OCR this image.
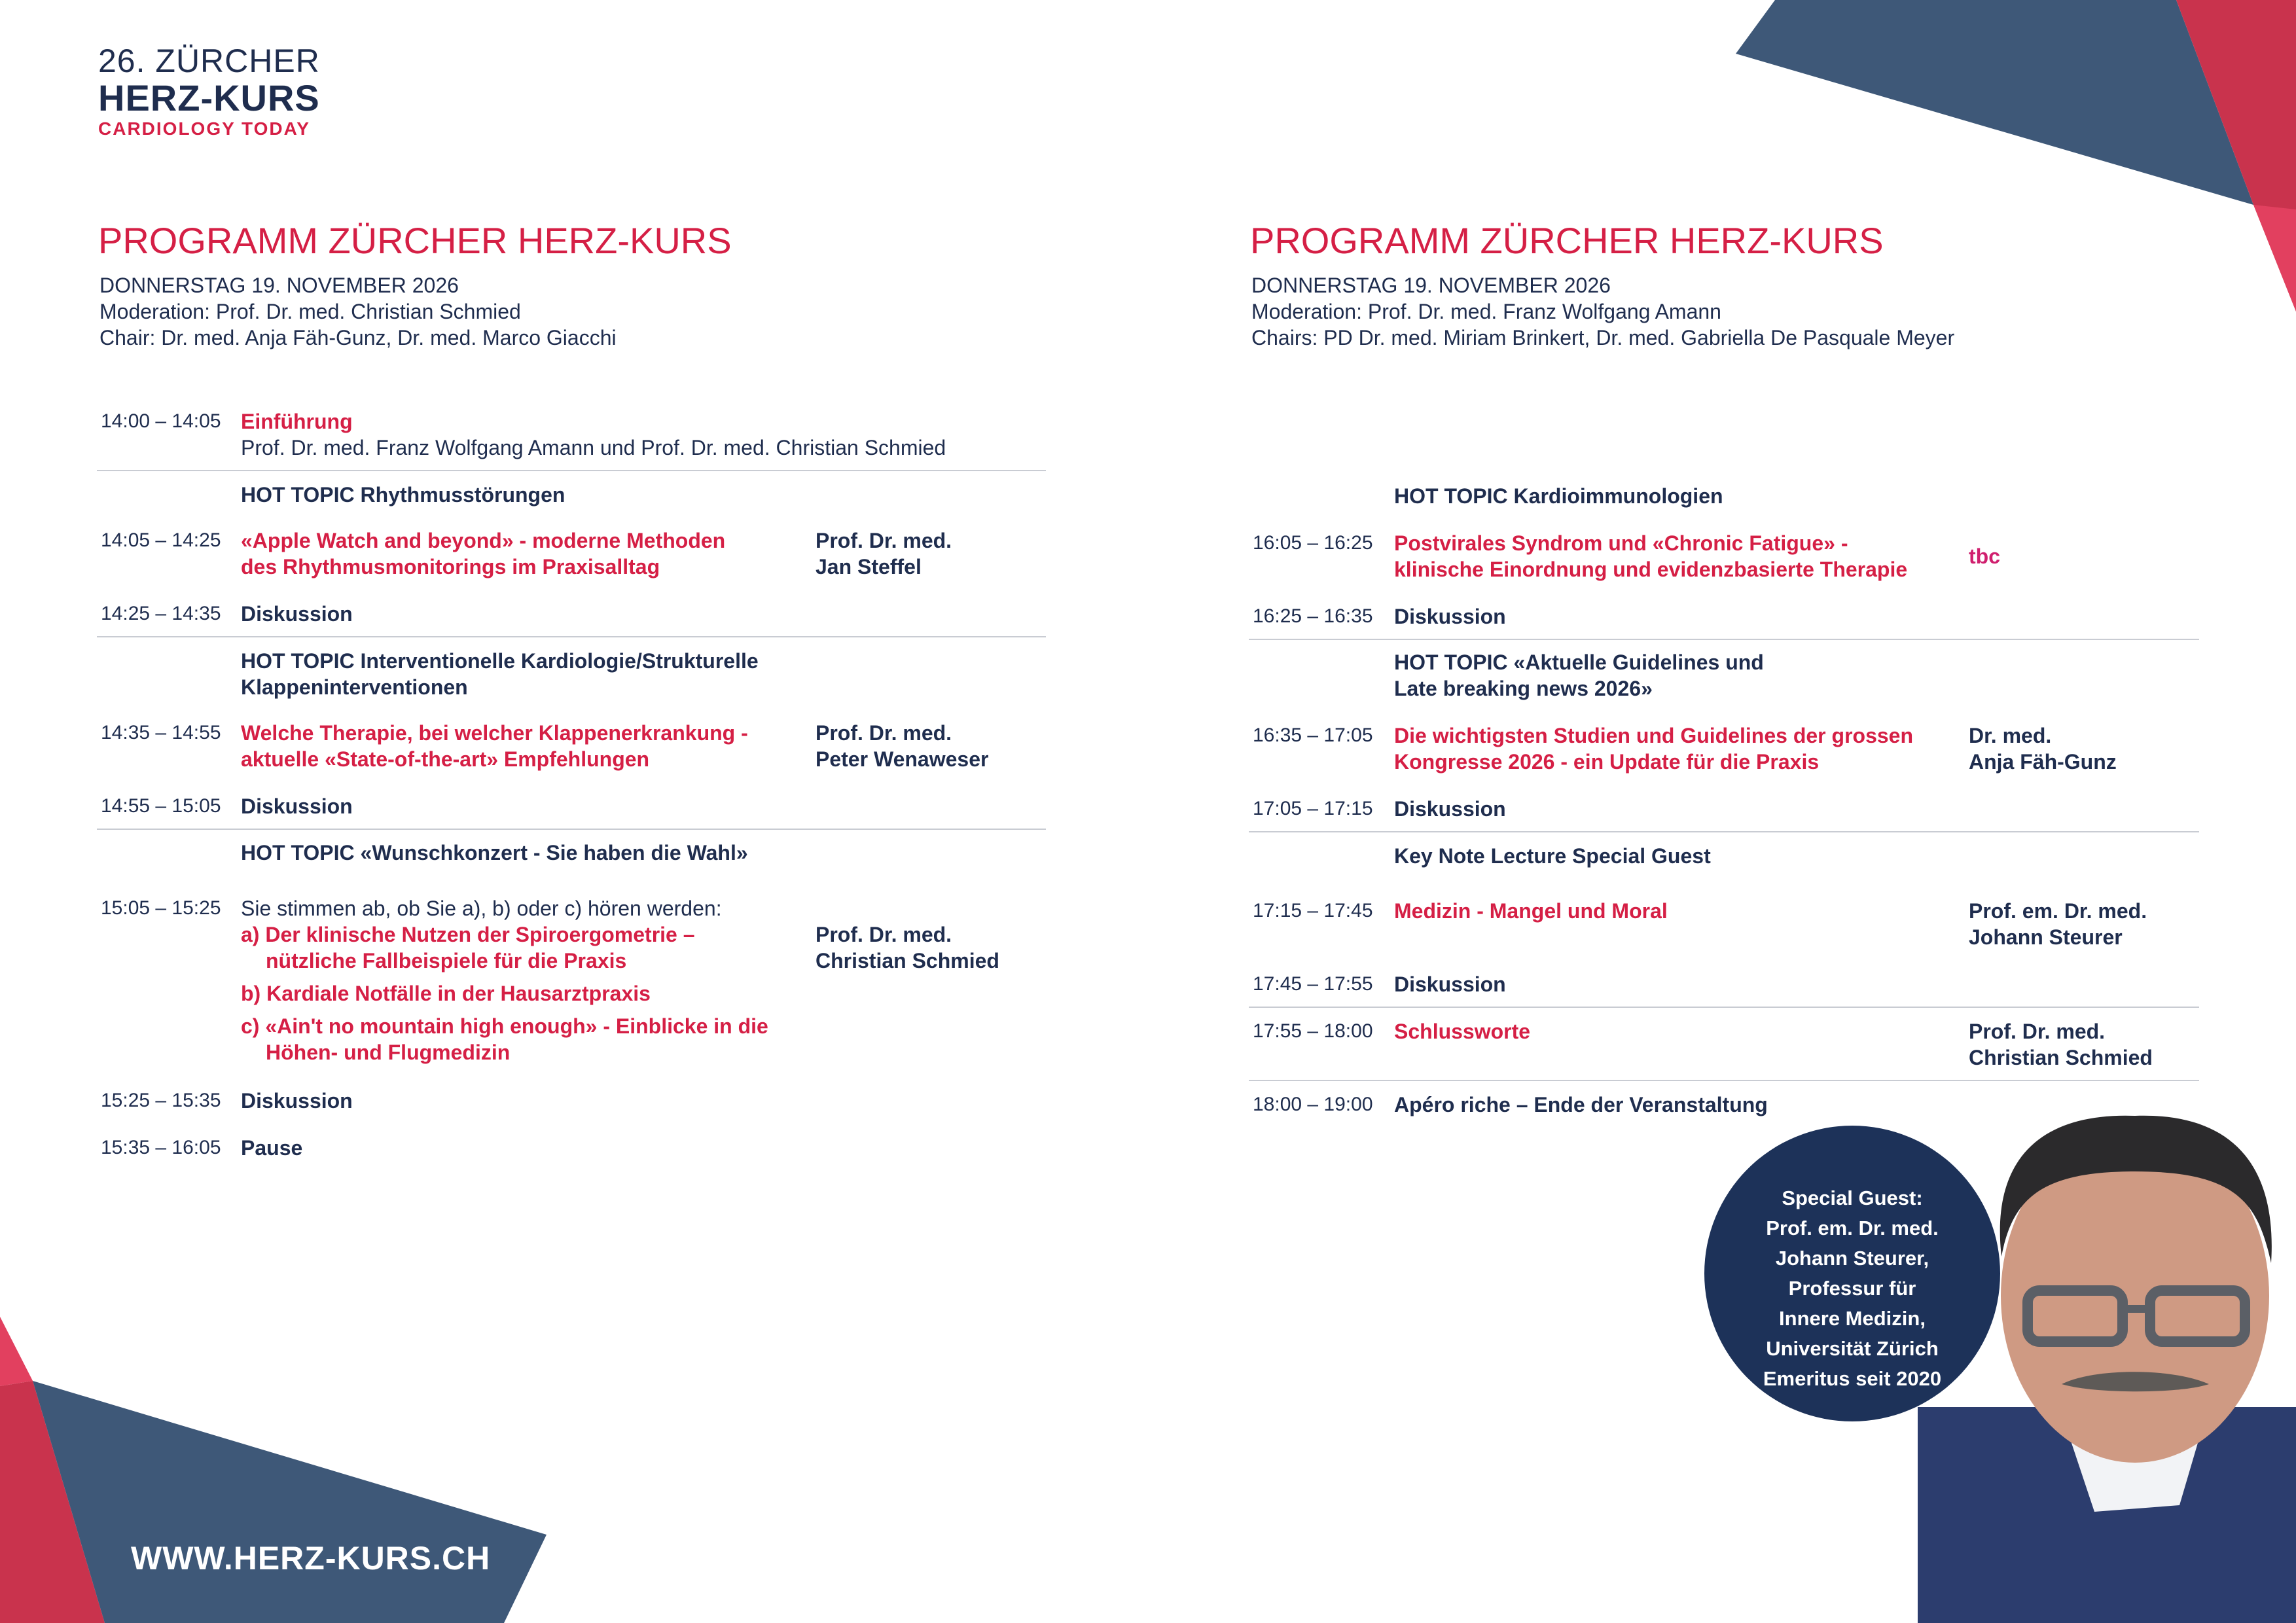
26. ZÜRCHER
HERZ-KURS
CARDIOLOGY TODAY
PROGRAMM ZÜRCHER HERZ-KURS
DONNERSTAG 19. NOVEMBER 2026
Moderation: Prof. Dr. med. Christian Schmied
Chair: Dr. med. Anja Fäh-Gunz, Dr. med. Marco Giacchi
14:00 – 14:05 Einführung
Prof. Dr. med. Franz Wolfgang Amann und Prof. Dr. med. Christian Schmied
HOT TOPIC Rhythmusstörungen
14:05 – 14:25 «Apple Watch and beyond» - moderne Methoden
des Rhythmusmonitorings im Praxisalltag
Prof. Dr. med.
Jan Steffel
14:25 – 14:35 Diskussion
HOT TOPIC Interventionelle Kardiologie/Strukturelle
Klappeninterventionen
14:35 – 14:55 Welche Therapie, bei welcher Klappenerkrankung -
aktuelle «State-of-the-art» Empfehlungen
Prof. Dr. med.
Peter Wenaweser
14:55 – 15:05 Diskussion
HOT TOPIC «Wunschkonzert - Sie haben die Wahl»
15:05 – 15:25 Sie stimmen ab, ob Sie a), b) oder c) hören werden:
a) Der klinische Nutzen der Spiroergometrie –
nützliche Fallbeispiele für die Praxis
b) Kardiale Notfälle in der Hausarztpraxis
c) «Ain't no mountain high enough» - Einblicke in die
Höhen- und Flugmedizin
Prof. Dr. med.
Christian Schmied
15:25 – 15:35 Diskussion
15:35 – 16:05 Pause
PROGRAMM ZÜRCHER HERZ-KURS
DONNERSTAG 19. NOVEMBER 2026
Moderation: Prof. Dr. med. Franz Wolfgang Amann
Chairs: PD Dr. med. Miriam Brinkert, Dr. med. Gabriella De Pasquale Meyer
HOT TOPIC Kardioimmunologien
16:05 – 16:25 Postvirales Syndrom und «Chronic Fatigue» -
klinische Einordnung und evidenzbasierte Therapie
tbc
16:25 – 16:35 Diskussion
HOT TOPIC «Aktuelle Guidelines und
Late breaking news 2026»
16:35 – 17:05 Die wichtigsten Studien und Guidelines der grossen
Kongresse 2026 - ein Update für die Praxis
Dr. med.
Anja Fäh-Gunz
17:05 – 17:15 Diskussion
Key Note Lecture Special Guest
17:15 – 17:45 Medizin - Mangel und Moral	Prof. em. Dr. med.
Johann Steurer
17:45 – 17:55 Diskussion
17:55 – 18:00 Schlussworte	Prof. Dr. med.
Christian Schmied
18:00 – 19:00 Apéro riche – Ende der Veranstaltung
Special Guest:
Prof. em. Dr. med.
Johann Steurer,
Professur für
Innere Medizin,
Universität Zürich
Emeritus seit 2020
WWW.HERZ-KURS.CH
